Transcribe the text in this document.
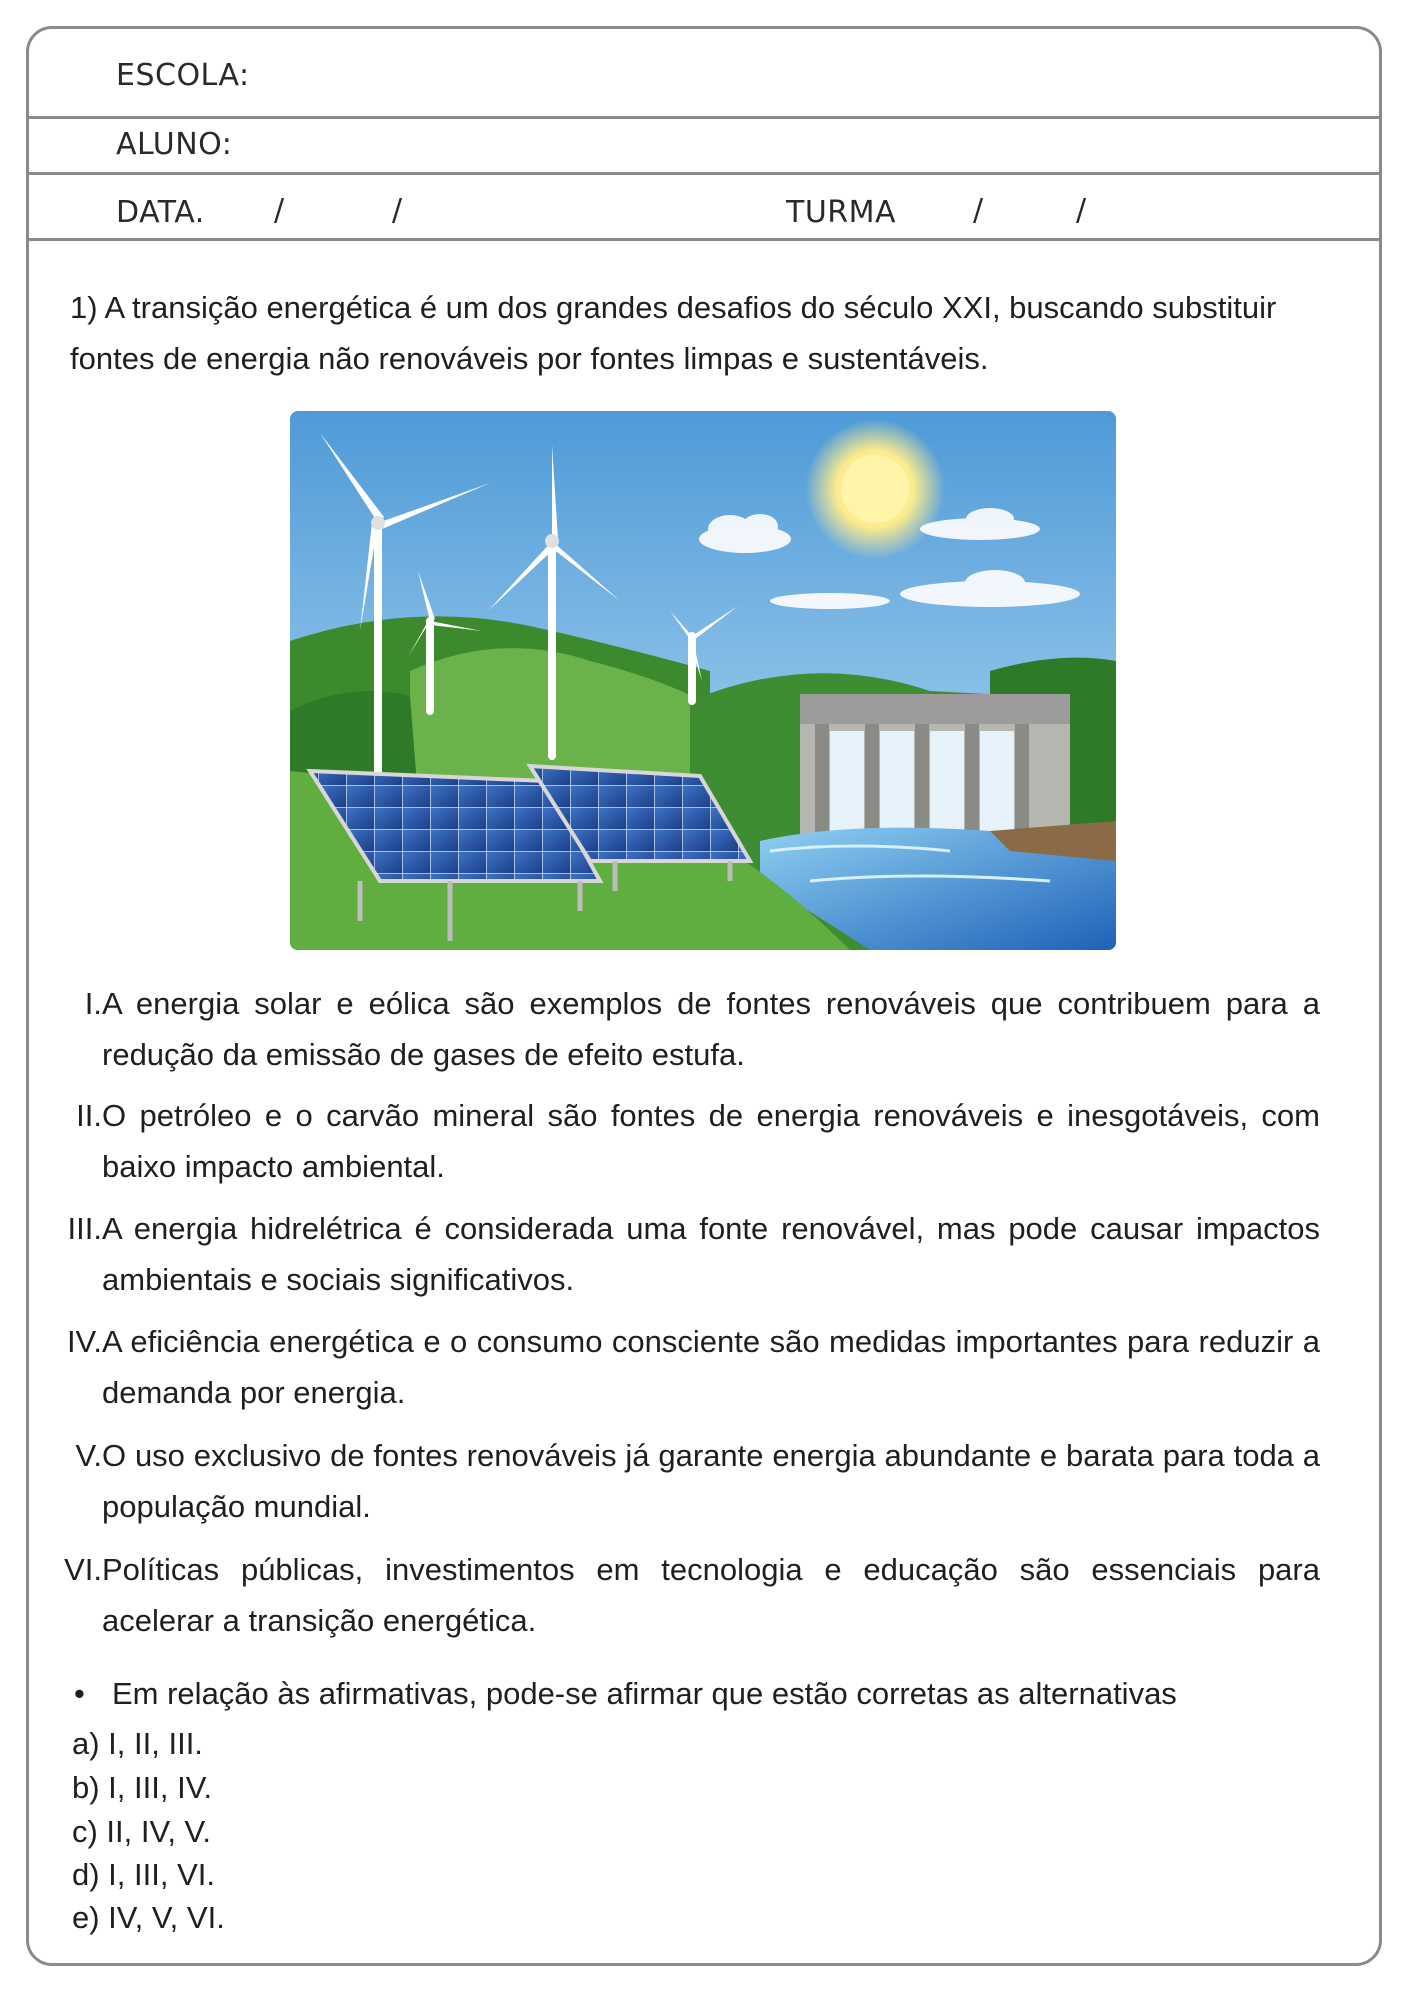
ESCOLA:
ALUNO:
DATA. /	/	TURMA	/	/
1) A transição energética é um dos grandes desafios do século XXI, buscando substituir fontes de energia não renováveis por fontes limpas e sustentáveis.
I. A energia solar e eólica são exemplos de fontes renováveis que contribuem para a redução da emissão de gases de efeito estufa.
II. O petróleo e o carvão mineral são fontes de energia renováveis e inesgotáveis, com baixo impacto ambiental.
III. A energia hidrelétrica é considerada uma fonte renovável, mas pode causar impactos ambientais e sociais significativos.
IV. A eficiência energética e o consumo consciente são medidas importantes para reduzir a demanda por energia.
V. O uso exclusivo de fontes renováveis já garante energia abundante e barata para toda a população mundial.
VI. Políticas públicas, investimentos em tecnologia e educação são essenciais para acelerar a transição energética.
• Em relação às afirmativas, pode-se afirmar que estão corretas as alternativas
a) I, II, III.
b) I, III, IV.
c) II, IV, V.
d) I, III, VI.
e) IV, V, VI.
